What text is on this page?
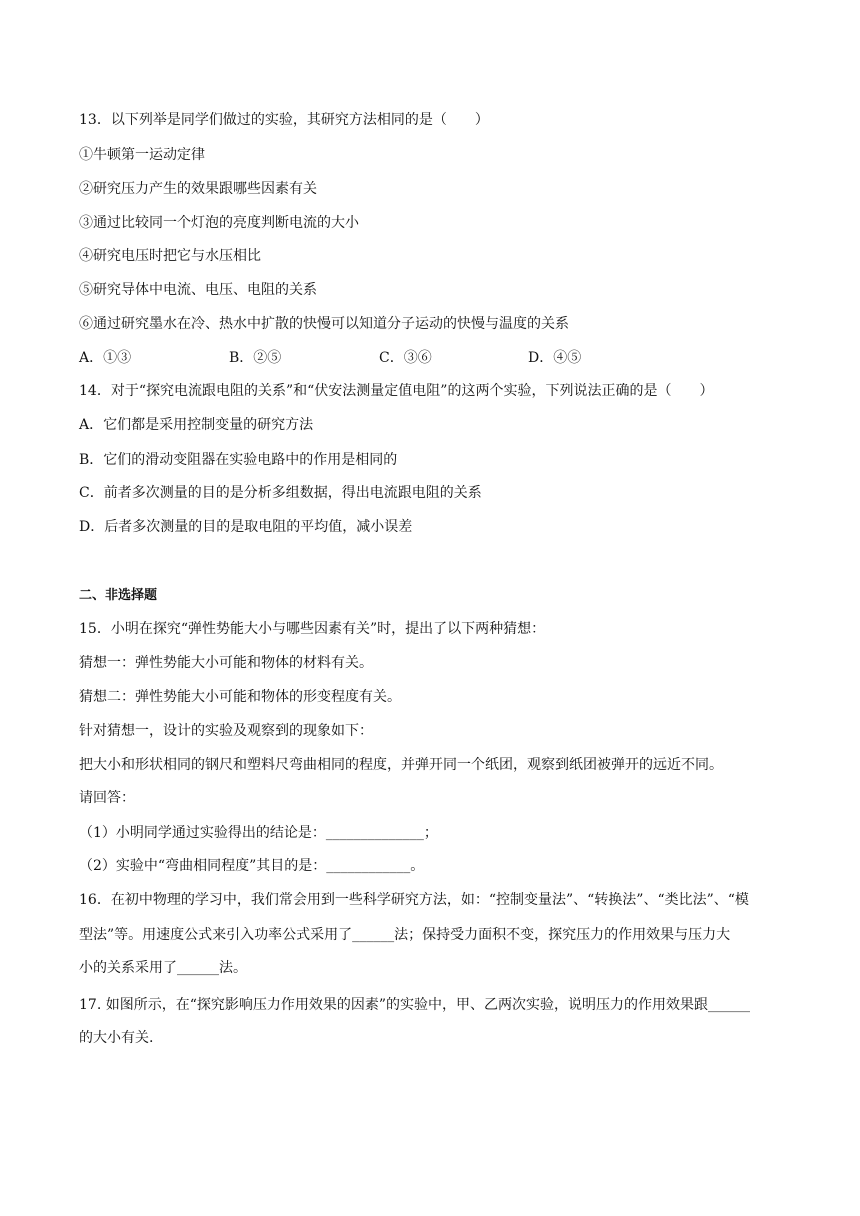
13．以下列举是同学们做过的实验，其研究方法相同的是（　　）
①牛顿第一运动定律
②研究压力产生的效果跟哪些因素有关
③通过比较同一个灯泡的亮度判断电流的大小
④研究电压时把它与水压相比
⑤研究导体中电流、电压、电阻的关系
⑥通过研究墨水在冷、热水中扩散的快慢可以知道分子运动的快慢与温度的关系
A．①③	B．②⑤	C．③⑥	D．④⑤
14．对于“探究电流跟电阻的关系”和“伏安法测量定值电阻”的这两个实验，下列说法正确的是（　　）
A．它们都是采用控制变量的研究方法
B．它们的滑动变阻器在实验电路中的作用是相同的
C．前者多次测量的目的是分析多组数据，得出电流跟电阻的关系
D．后者多次测量的目的是取电阻的平均值，减小误差
二、非选择题
15．小明在探究“弹性势能大小与哪些因素有关”时，提出了以下两种猜想：
猜想一：弹性势能大小可能和物体的材料有关。
猜想二：弹性势能大小可能和物体的形变程度有关。
针对猜想一，设计的实验及观察到的现象如下：
把大小和形状相同的钢尺和塑料尺弯曲相同的程度，并弹开同一个纸团，观察到纸团被弹开的远近不同。
请回答：
（1）小明同学通过实验得出的结论是：______________；
（2）实验中“弯曲相同程度”其目的是：____________。
16．在初中物理的学习中，我们常会用到一些科学研究方法，如：“控制变量法”、“转换法”、“类比法”、“模
型法”等。用速度公式来引入功率公式采用了______法；保持受力面积不变，探究压力的作用效果与压力大
小的关系采用了______法。
17. 如图所示，在“探究影响压力作用效果的因素”的实验中，甲、乙两次实验，说明压力的作用效果跟______
的大小有关.
